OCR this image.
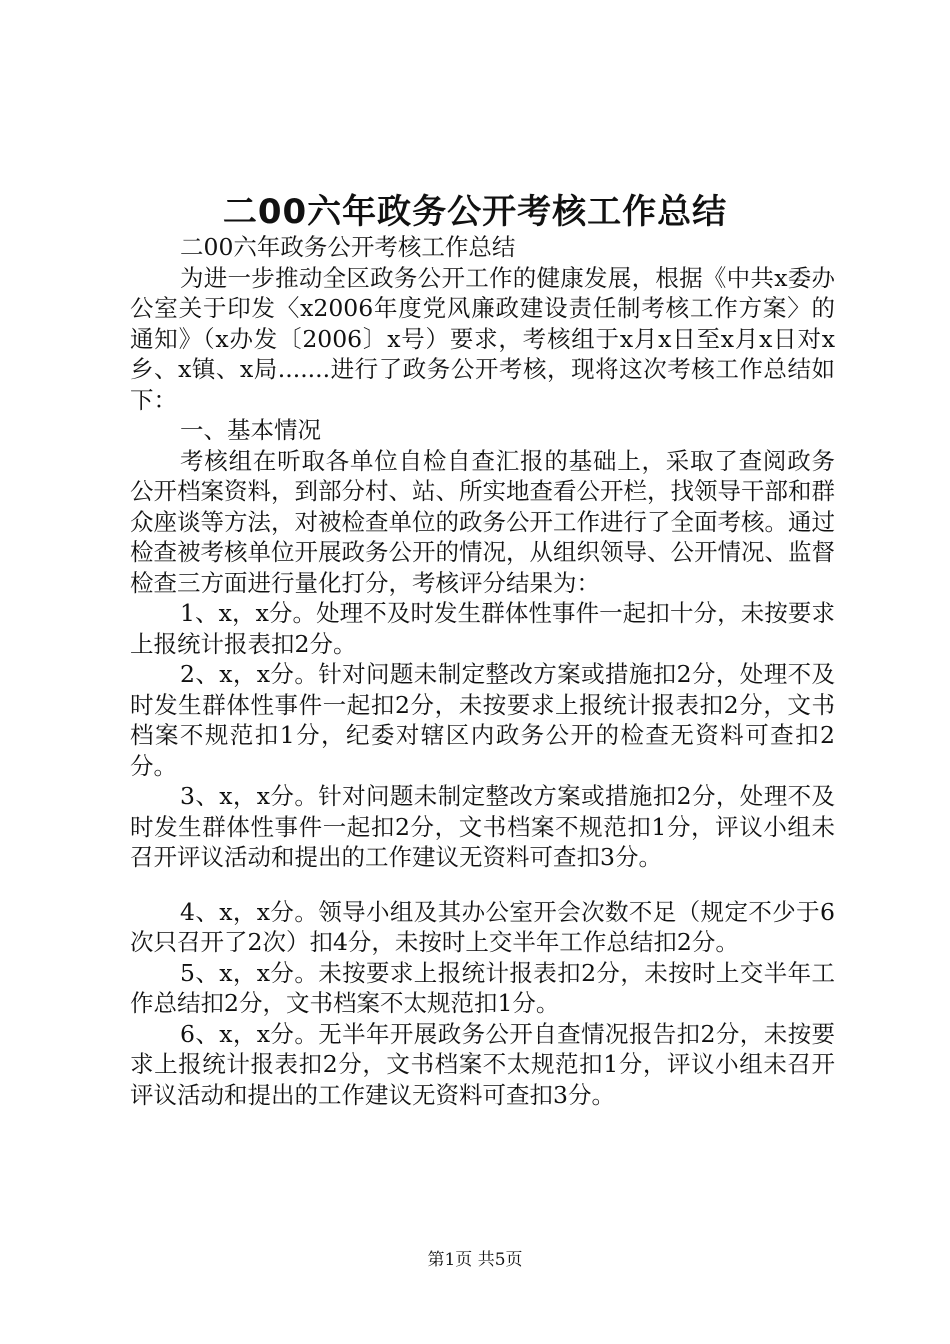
二00六年政务公开考核工作总结

二00六年政务公开考核工作总结

为进一步推动全区政务公开工作的健康发展，根据《中共x委办公室关于印发〈x2006年度党风廉政建设责任制考核工作方案〉的通知》（x办发〔2006〕x号）要求，考核组于x月x日至x月x日对x乡、x镇、x局.......进行了政务公开考核，现将这次考核工作总结如下：

一、基本情况

考核组在听取各单位自检自查汇报的基础上，采取了查阅政务公开档案资料，到部分村、站、所实地查看公开栏，找领导干部和群众座谈等方法，对被检查单位的政务公开工作进行了全面考核。通过检查被考核单位开展政务公开的情况，从组织领导、公开情况、监督检查三方面进行量化打分，考核评分结果为：

1、x，x分。处理不及时发生群体性事件一起扣十分，未按要求上报统计报表扣2分。

2、x，x分。针对问题未制定整改方案或措施扣2分，处理不及时发生群体性事件一起扣2分，未按要求上报统计报表扣2分，文书档案不规范扣1分，纪委对辖区内政务公开的检查无资料可查扣2分。

3、x，x分。针对问题未制定整改方案或措施扣2分，处理不及时发生群体性事件一起扣2分，文书档案不规范扣1分，评议小组未召开评议活动和提出的工作建议无资料可查扣3分。

4、x，x分。领导小组及其办公室开会次数不足（规定不少于6次只召开了2次）扣4分，未按时上交半年工作总结扣2分。

5、x，x分。未按要求上报统计报表扣2分，未按时上交半年工作总结扣2分，文书档案不太规范扣1分。

6、x，x分。无半年开展政务公开自查情况报告扣2分，未按要求上报统计报表扣2分，文书档案不太规范扣1分，评议小组未召开评议活动和提出的工作建议无资料可查扣3分。

第1页 共5页
